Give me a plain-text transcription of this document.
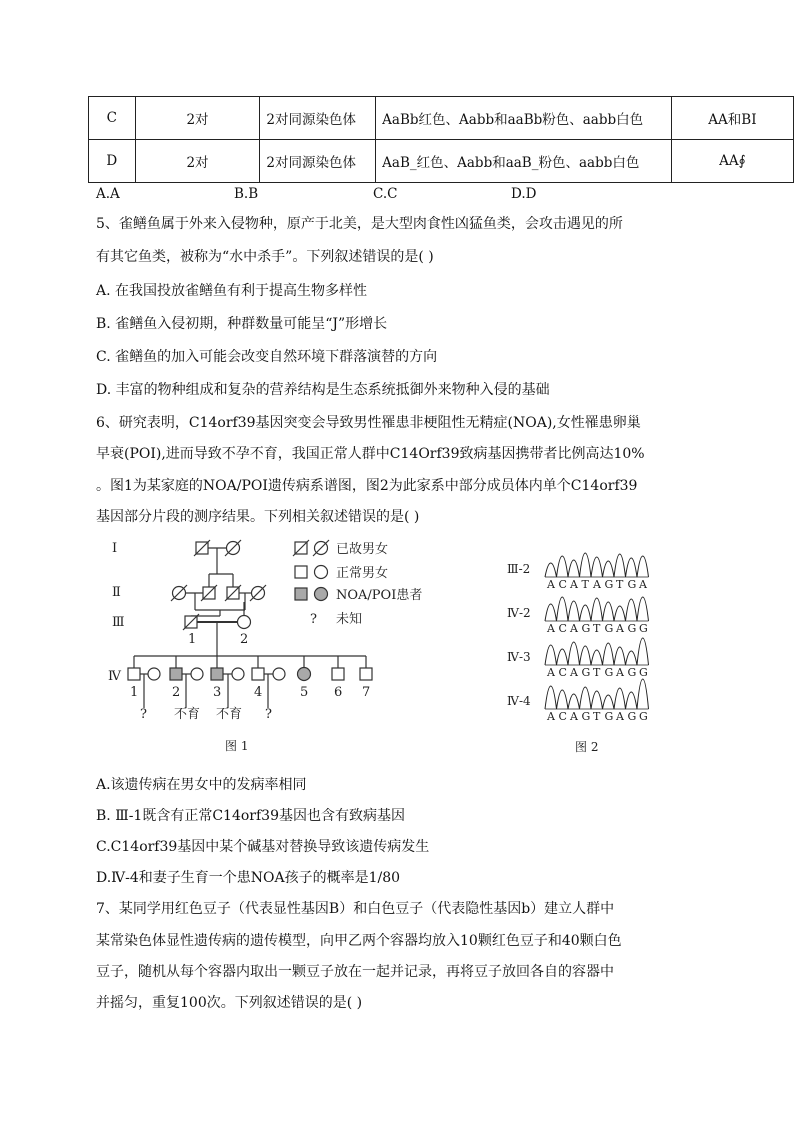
C	2对	2对同源染色体	AaBb红色、Aabb和aaBb粉色、aabb白色	AA和BI
D	2对	2对同源染色体	AaB_红色、Aabb和aaB_粉色、aabb白色	AA∮
A.A	B.B	C.C	D.D
5、雀鳝鱼属于外来入侵物种，原产于北美，是大型肉食性凶猛鱼类，会攻击遇见的所
有其它鱼类，被称为“水中杀手”。下列叙述错误的是( )
A. 在我国投放雀鳝鱼有利于提高生物多样性
B. 雀鳝鱼入侵初期，种群数量可能呈“J”形增长
C. 雀鳝鱼的加入可能会改变自然环境下群落演替的方向
D. 丰富的物种组成和复杂的营养结构是生态系统抵御外来物种入侵的基础
6、研究表明，C14orf39基因突变会导致男性罹患非梗阻性无精症(NOA),女性罹患卵巢
早衰(POI),进而导致不孕不育，我国正常人群中C14Orf39致病基因携带者比例高达10%
。图1为某家庭的NOA/POI遗传病系谱图，图2为此家系中部分成员体内单个C14orf39
基因部分片段的测序结果。下列相关叙述错误的是( )
Ⅰ
Ⅱ
Ⅲ
Ⅳ
1	2
1	2	3	4	5 6 7
? 不育 不育 ?
已故男女
正常男女
NOA/POI患者
? 未知
图 1
Ⅲ-2
A C A T A G T G A
Ⅳ-2
A C A G T G A G G
Ⅳ-3
A C A G T G A G G
Ⅳ-4
A C A G T G A G G
图 2
A.该遗传病在男女中的发病率相同
B. Ⅲ-1既含有正常C14orf39基因也含有致病基因
C.C14orf39基因中某个碱基对替换导致该遗传病发生
D.Ⅳ-4和妻子生育一个患NOA孩子的概率是1/80
7、某同学用红色豆子（代表显性基因B）和白色豆子（代表隐性基因b）建立人群中
某常染色体显性遗传病的遗传模型，向甲乙两个容器均放入10颗红色豆子和40颗白色
豆子，随机从每个容器内取出一颗豆子放在一起并记录，再将豆子放回各自的容器中
并摇匀，重复100次。下列叙述错误的是( )
